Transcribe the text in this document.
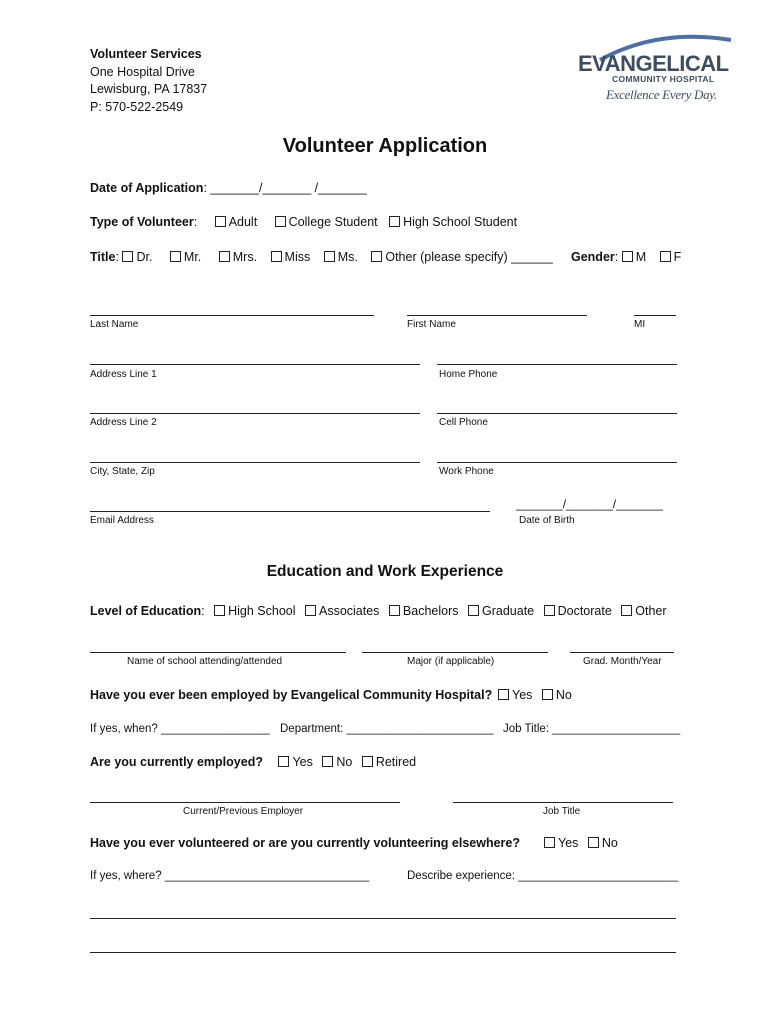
Volunteer Services
One Hospital Drive
Lewisburg, PA 17837
P: 570-522-2549
EVANGELICAL
COMMUNITY HOSPITAL
Excellence Every Day.
Volunteer Application
Date of Application: _______/_______ /_______
Type of Volunteer:	Adult	College Student High School Student
Title: Dr.	Mr.	Mrs. Miss Ms. Other (please specify) ______ Gender: M F
Last Name	First Name	MI
Address Line 1	Home Phone
Address Line 2	Cell Phone
City, State, Zip	Work Phone
_______/_______/_______
Email Address	Date of Birth
Education and Work Experience
Level of Education: High School Associates Bachelors Graduate Doctorate Other
Name of school attending/attended	Major (if applicable)	Grad. Month/Year
Have you ever been employed by Evangelical Community Hospital?	Yes No
If yes, when? _________________ Department: _______________________ Job Title: ____________________
Are you currently employed? Yes No Retired
Current/Previous Employer	Job Title
Have you ever volunteered or are you currently volunteering elsewhere?	Yes No
If yes, where? ________________________________	Describe experience: _________________________
